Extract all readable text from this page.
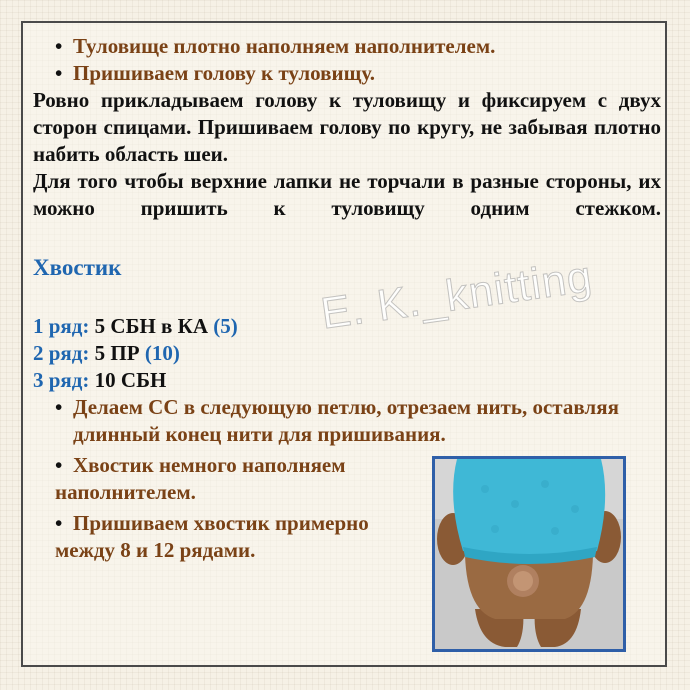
E. K._knitting
• Туловище плотно наполняем наполнителем.
• Пришиваем голову к туловищу.
Ровно прикладываем голову к туловищу и фиксируем с двух сторон спицами. Пришиваем голову по кругу, не забывая плотно набить область шеи.
Для того чтобы верхние лапки не торчали в разные стороны, их можно пришить к туловищу одним стежком.
Хвостик
1 ряд: 5 СБН в КА (5)
2 ряд: 5 ПР (10)
3 ряд: 10 СБН
• Делаем СС в следующую петлю, отрезаем нить, оставляя длинный конец нити для пришивания.
• Хвостик немного наполняем наполнителем.
• Пришиваем хвостик примерно между 8 и 12 рядами.
